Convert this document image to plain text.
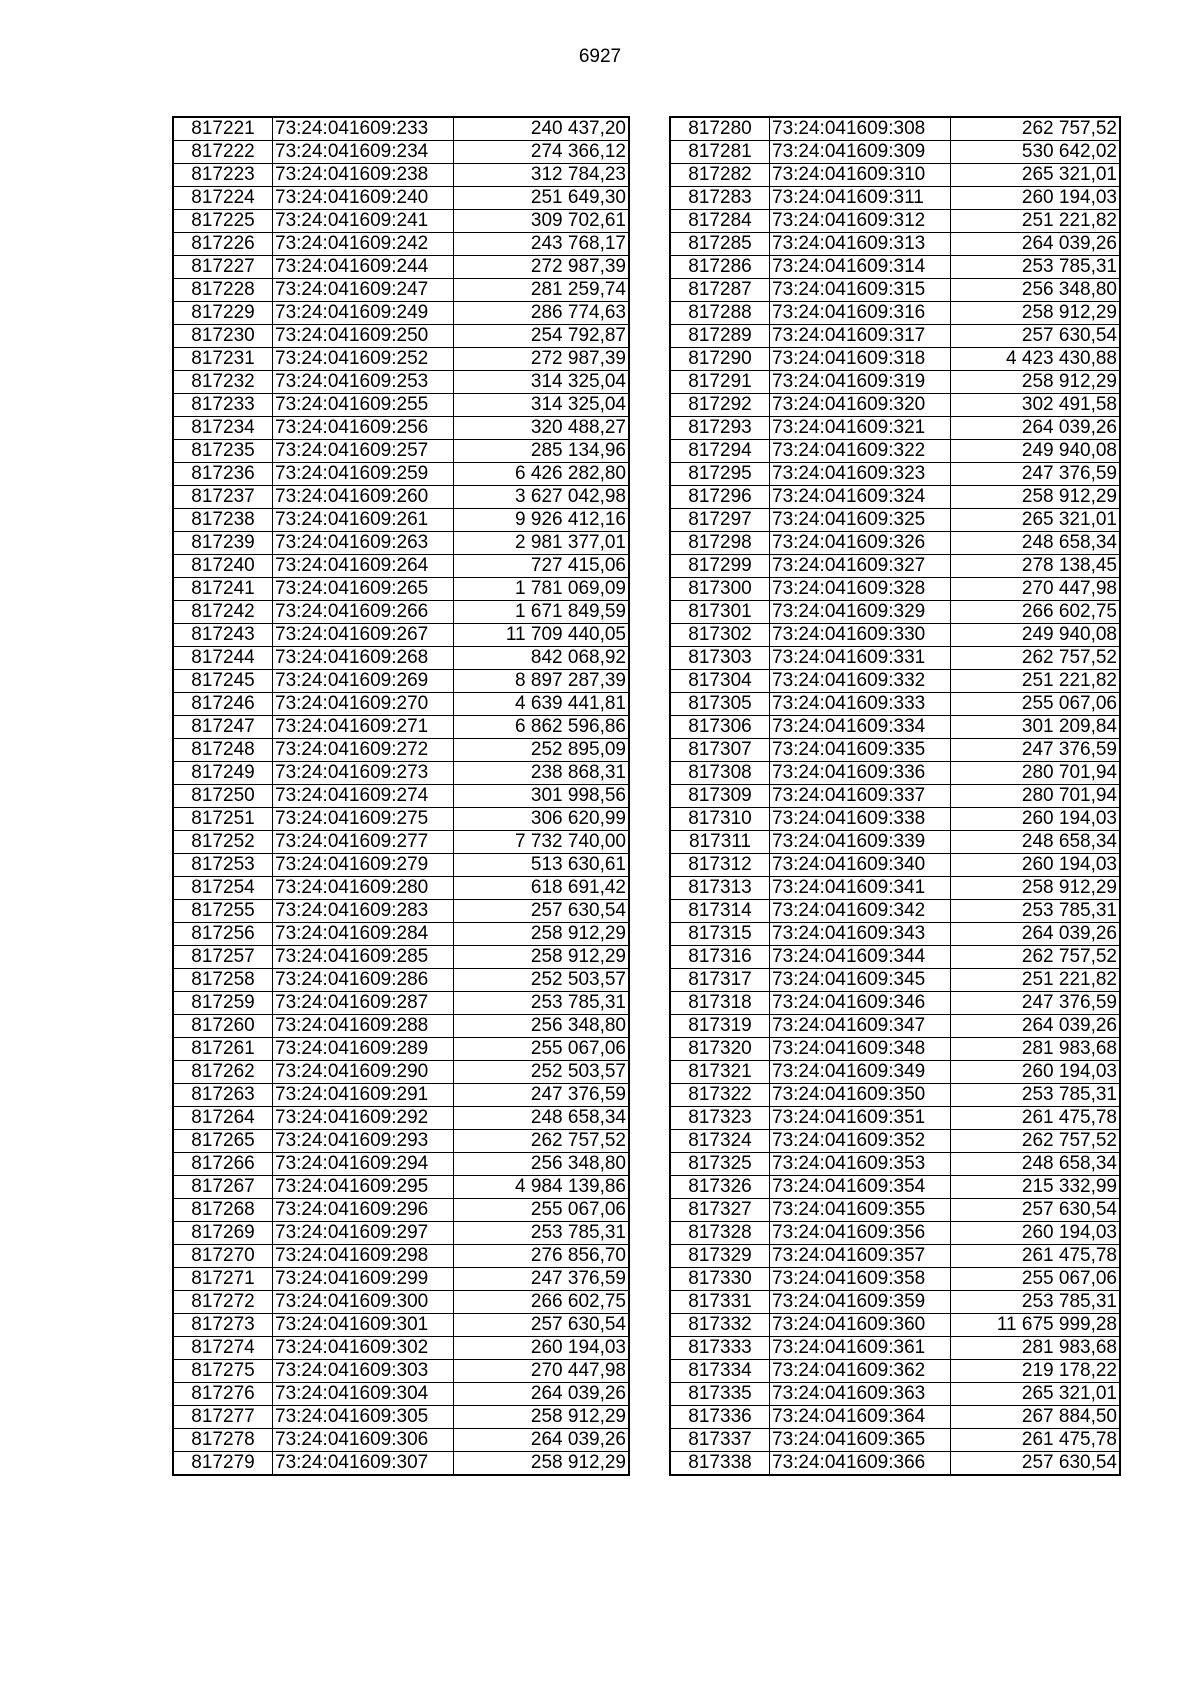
6927
817221	73:24:041609:233	240 437,20
817222	73:24:041609:234	274 366,12
817223	73:24:041609:238	312 784,23
817224	73:24:041609:240	251 649,30
817225	73:24:041609:241	309 702,61
817226	73:24:041609:242	243 768,17
817227	73:24:041609:244	272 987,39
817228	73:24:041609:247	281 259,74
817229	73:24:041609:249	286 774,63
817230	73:24:041609:250	254 792,87
817231	73:24:041609:252	272 987,39
817232	73:24:041609:253	314 325,04
817233	73:24:041609:255	314 325,04
817234	73:24:041609:256	320 488,27
817235	73:24:041609:257	285 134,96
817236	73:24:041609:259	6 426 282,80
817237	73:24:041609:260	3 627 042,98
817238	73:24:041609:261	9 926 412,16
817239	73:24:041609:263	2 981 377,01
817240	73:24:041609:264	727 415,06
817241	73:24:041609:265	1 781 069,09
817242	73:24:041609:266	1 671 849,59
817243	73:24:041609:267	11 709 440,05
817244	73:24:041609:268	842 068,92
817245	73:24:041609:269	8 897 287,39
817246	73:24:041609:270	4 639 441,81
817247	73:24:041609:271	6 862 596,86
817248	73:24:041609:272	252 895,09
817249	73:24:041609:273	238 868,31
817250	73:24:041609:274	301 998,56
817251	73:24:041609:275	306 620,99
817252	73:24:041609:277	7 732 740,00
817253	73:24:041609:279	513 630,61
817254	73:24:041609:280	618 691,42
817255	73:24:041609:283	257 630,54
817256	73:24:041609:284	258 912,29
817257	73:24:041609:285	258 912,29
817258	73:24:041609:286	252 503,57
817259	73:24:041609:287	253 785,31
817260	73:24:041609:288	256 348,80
817261	73:24:041609:289	255 067,06
817262	73:24:041609:290	252 503,57
817263	73:24:041609:291	247 376,59
817264	73:24:041609:292	248 658,34
817265	73:24:041609:293	262 757,52
817266	73:24:041609:294	256 348,80
817267	73:24:041609:295	4 984 139,86
817268	73:24:041609:296	255 067,06
817269	73:24:041609:297	253 785,31
817270	73:24:041609:298	276 856,70
817271	73:24:041609:299	247 376,59
817272	73:24:041609:300	266 602,75
817273	73:24:041609:301	257 630,54
817274	73:24:041609:302	260 194,03
817275	73:24:041609:303	270 447,98
817276	73:24:041609:304	264 039,26
817277	73:24:041609:305	258 912,29
817278	73:24:041609:306	264 039,26
817279	73:24:041609:307	258 912,29
817280	73:24:041609:308	262 757,52
817281	73:24:041609:309	530 642,02
817282	73:24:041609:310	265 321,01
817283	73:24:041609:311	260 194,03
817284	73:24:041609:312	251 221,82
817285	73:24:041609:313	264 039,26
817286	73:24:041609:314	253 785,31
817287	73:24:041609:315	256 348,80
817288	73:24:041609:316	258 912,29
817289	73:24:041609:317	257 630,54
817290	73:24:041609:318	4 423 430,88
817291	73:24:041609:319	258 912,29
817292	73:24:041609:320	302 491,58
817293	73:24:041609:321	264 039,26
817294	73:24:041609:322	249 940,08
817295	73:24:041609:323	247 376,59
817296	73:24:041609:324	258 912,29
817297	73:24:041609:325	265 321,01
817298	73:24:041609:326	248 658,34
817299	73:24:041609:327	278 138,45
817300	73:24:041609:328	270 447,98
817301	73:24:041609:329	266 602,75
817302	73:24:041609:330	249 940,08
817303	73:24:041609:331	262 757,52
817304	73:24:041609:332	251 221,82
817305	73:24:041609:333	255 067,06
817306	73:24:041609:334	301 209,84
817307	73:24:041609:335	247 376,59
817308	73:24:041609:336	280 701,94
817309	73:24:041609:337	280 701,94
817310	73:24:041609:338	260 194,03
817311	73:24:041609:339	248 658,34
817312	73:24:041609:340	260 194,03
817313	73:24:041609:341	258 912,29
817314	73:24:041609:342	253 785,31
817315	73:24:041609:343	264 039,26
817316	73:24:041609:344	262 757,52
817317	73:24:041609:345	251 221,82
817318	73:24:041609:346	247 376,59
817319	73:24:041609:347	264 039,26
817320	73:24:041609:348	281 983,68
817321	73:24:041609:349	260 194,03
817322	73:24:041609:350	253 785,31
817323	73:24:041609:351	261 475,78
817324	73:24:041609:352	262 757,52
817325	73:24:041609:353	248 658,34
817326	73:24:041609:354	215 332,99
817327	73:24:041609:355	257 630,54
817328	73:24:041609:356	260 194,03
817329	73:24:041609:357	261 475,78
817330	73:24:041609:358	255 067,06
817331	73:24:041609:359	253 785,31
817332	73:24:041609:360	11 675 999,28
817333	73:24:041609:361	281 983,68
817334	73:24:041609:362	219 178,22
817335	73:24:041609:363	265 321,01
817336	73:24:041609:364	267 884,50
817337	73:24:041609:365	261 475,78
817338	73:24:041609:366	257 630,54
